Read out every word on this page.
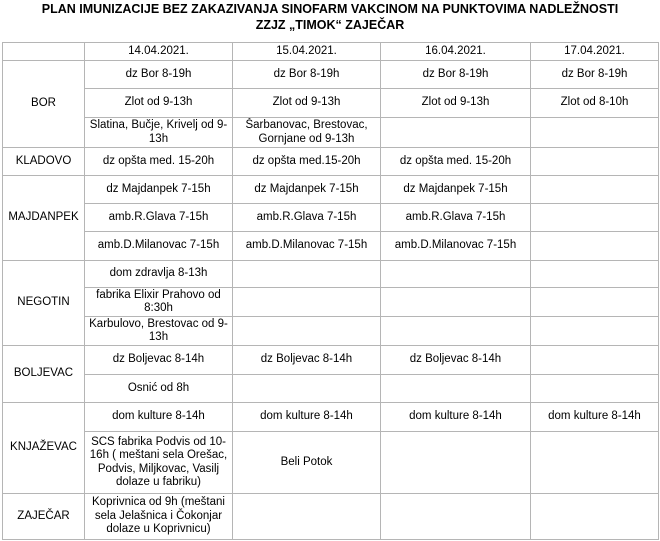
PLAN IMUNIZACIJE BEZ ZAKAZIVANJA SINOFARM VAKCINOM NA PUNKTOVIMA NADLEŽNOSTI
ZZJZ „TIMOK“ ZAJEČAR
	14.04.2021.	15.04.2021.	16.04.2021.	17.04.2021.
BOR	dz Bor 8-19h	dz Bor 8-19h	dz Bor 8-19h	dz Bor 8-19h
	Zlot od 9-13h	Zlot od 9-13h	Zlot od 9-13h	Zlot od 8-10h
	Slatina, Bučje, Krivelj od 9-13h	Šarbanovac, Brestovac, Gornjane od 9-13h		
KLADOVO	dz opšta med. 15-20h	dz opšta med.15-20h	dz opšta med. 15-20h	
MAJDANPEK	dz Majdanpek 7-15h	dz Majdanpek 7-15h	dz Majdanpek 7-15h	
	amb.R.Glava 7-15h	amb.R.Glava 7-15h	amb.R.Glava 7-15h	
	amb.D.Milanovac 7-15h	amb.D.Milanovac 7-15h	amb.D.Milanovac 7-15h	
NEGOTIN	dom zdravlja 8-13h			
	fabrika Elixir Prahovo od 8:30h			
	Karbulovo, Brestovac od 9-13h			
BOLJEVAC	dz Boljevac 8-14h	dz Boljevac 8-14h	dz Boljevac 8-14h	
	Osnić od 8h			
KNJAŽEVAC	dom kulture 8-14h	dom kulture 8-14h	dom kulture 8-14h	dom kulture 8-14h
	SCS fabrika Podvis od 10-16h ( meštani sela Orešac, Podvis, Miljkovac, Vasilj dolaze u fabriku)	Beli Potok		
ZAJEČAR	Koprivnica od 9h (meštani sela Jelašnica i Čokonjar dolaze u Koprivnicu)			
